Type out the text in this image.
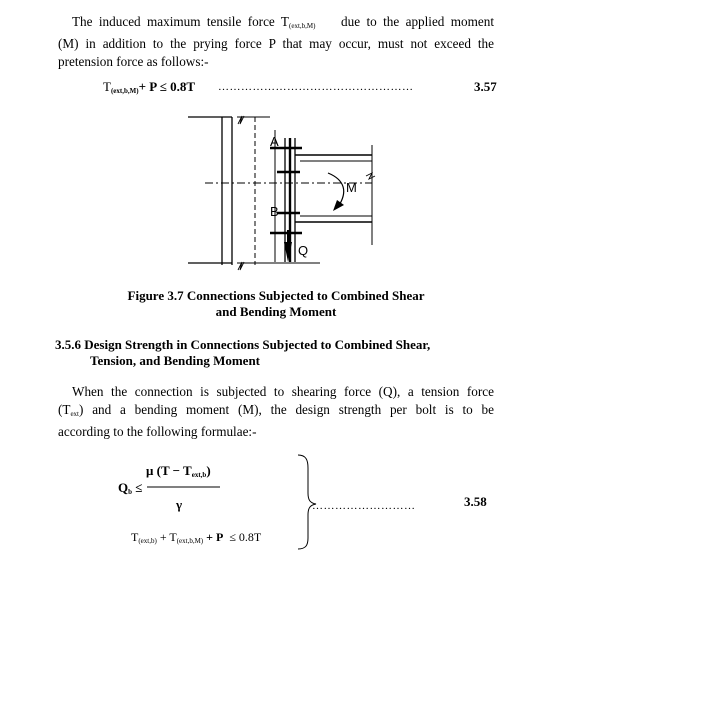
The induced maximum tensile force $T_{(ext,b,M)}$ due to the applied moment
(M) in addition to the prying force P that may occur, must not exceed the
pretension force as follows:-
$T_{(ext,b,M)}+ P \le 0.8T$ ……………………………………………	3.57
A
M
B
Q
Figure 3.7 Connections Subjected to Combined Shear
and Bending Moment
3.5.6 Design Strength in Connections Subjected to Combined Shear,
Tension, and Bending Moment
When the connection is subjected to shearing force (Q), a tension force
$(T_{ext})$ and a bending moment (M), the design strength per bolt is to be
according to the following formulae:-
$Q_b$ ≤
μ $(T - T_{ext,b})$
γ
$T_{(ext,b)} + T_{(ext,b,M)} + P \le 0.8T$
………………………	3.58
